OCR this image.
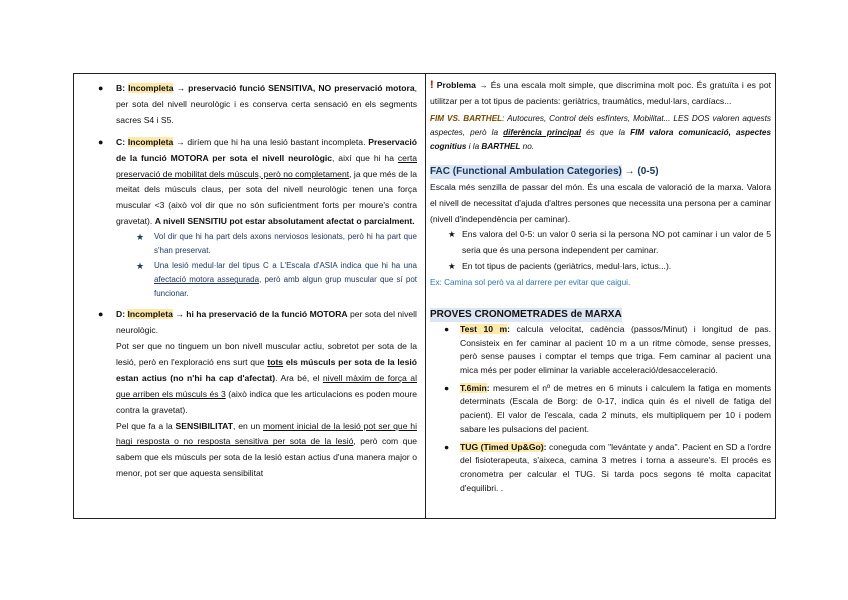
● B: Incompleta → preservació funció SENSITIVA, NO preservació motora, per sota del nivell neurològic i es conserva certa sensació en els segments sacres S4 i S5.
● C: Incompleta → diríem que hi ha una lesió bastant incompleta. Preservació de la funció MOTORA per sota el nivell neurològic, així que hi ha certa preservació de mobilitat dels músculs, però no completament, ja que més de la meitat dels músculs claus, per sota del nivell neurològic tenen una força muscular <3 (això vol dir que no són suficientment forts per moure's contra gravetat). A nivell SENSITIU pot estar absolutament afectat o parcialment.
★ Vol dir que hi ha part dels axons nerviosos lesionats, però hi ha part que s'han preservat.
★ Una lesió medul·lar del tipus C a L'Escala d'ASIA indica que hi ha una afectació motora assegurada, però amb algun grup muscular que sí pot funcionar.
● D: Incompleta → hi ha preservació de la funció MOTORA per sota del nivell neurològic.
Pot ser que no tinguem un bon nivell muscular actiu, sobretot per sota de la lesió, però en l'exploració ens surt que tots els músculs per sota de la lesió estan actius (no n'hi ha cap d'afectat). Ara bé, el nivell màxim de força al que arriben els músculs és 3 (això indica que les articulacions es poden moure contra la gravetat).
Pel que fa a la SENSIBILITAT, en un moment inicial de la lesió pot ser que hi hagi resposta o no resposta sensitiva per sota de la lesió, però com que sabem que els músculs per sota de la lesió estan actius d'una manera major o menor, pot ser que aquesta sensibilitat
! Problema → És una escala molt simple, que discrimina molt poc. És gratuïta i es pot utilitzar per a tot tipus de pacients: geriàtrics, traumàtics, medul·lars, cardíacs...
FIM VS. BARTHEL: Autocures, Control dels esfínters, Mobilitat... LES DOS valoren aquests aspectes, però la diferència principal és que la FIM valora comunicació, aspectes cognitius i la BARTHEL no.
FAC (Functional Ambulation Categories) → (0-5)
Escala més senzilla de passar del món. És una escala de valoració de la marxa. Valora el nivell de necessitat d'ajuda d'altres persones que necessita una persona per a caminar (nivell d'independència per caminar).
★ Ens valora del 0-5: un valor 0 seria si la persona NO pot caminar i un valor de 5 seria que és una persona independent per caminar.
★ En tot tipus de pacients (geriàtrics, medul·lars, ictus...).
Ex: Camina sol però va al darrere per evitar que caigui.
PROVES CRONOMETRADES de MARXA
● Test 10 m: calcula velocitat, cadència (passos/Minut) i longitud de pas. Consisteix en fer caminar al pacient 10 m a un ritme còmode, sense presses, però sense pauses i comptar el temps que triga. Fem caminar al pacient una mica més per poder eliminar la variable acceleració/desacceleració.
● T.6min: mesurem el nº de metres en 6 minuts i calculem la fatiga en moments determinats (Escala de Borg: de 0-17, indica quin és el nivell de fatiga del pacient). El valor de l'escala, cada 2 minuts, els multipliquem per 10 i podem sabare les pulsacions del pacient.
● TUG (Timed Up&Go): coneguda com "levántate y anda". Pacient en SD a l'ordre del fisioterapeuta, s'aixeca, camina 3 metres i torna a asseure's. El procés es cronometra per calcular el TUG. Si tarda pocs segons té molta capacitat d'equilibri. .
